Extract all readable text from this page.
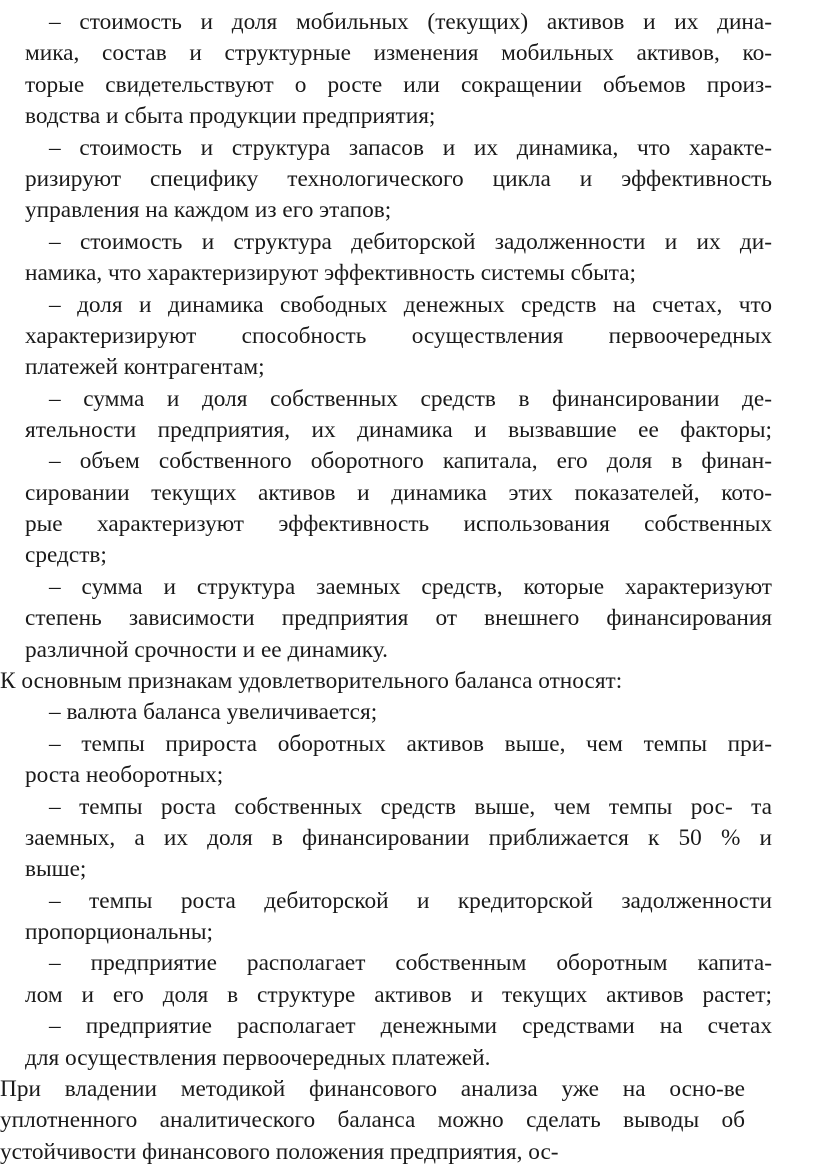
– стоимость и доля мобильных (текущих) активов и их дина-
мика, состав и структурные изменения мобильных активов, ко-
торые свидетельствуют о росте или сокращении объемов произ-
водства и сбыта продукции предприятия;
– стоимость и структура запасов и их динамика, что характе-
ризируют специфику технологического цикла и эффективность
управления на каждом из его этапов;
– стоимость и структура дебиторской задолженности и их ди-
намика, что характеризируют эффективность системы сбыта;
– доля и динамика свободных денежных средств на счетах, что
характеризируют способность осуществления первоочередных
платежей контрагентам;
– сумма и доля собственных средств в финансировании де-
ятельности предприятия, их динамика и вызвавшие ее факторы;
– объем собственного оборотного капитала, его доля в финан-
сировании текущих активов и динамика этих показателей, кото-
рые характеризуют эффективность использования собственных
средств;
– сумма и структура заемных средств, которые характеризуют
степень зависимости предприятия от внешнего финансирования
различной срочности и ее динамику.
К основным признакам удовлетворительного баланса относят:
– валюта баланса увеличивается;
– темпы прироста оборотных активов выше, чем темпы при-
роста необоротных;
– темпы роста собственных средств выше, чем темпы рос- та
заемных, а их доля в финансировании приближается к 50 % и
выше;
– темпы роста дебиторской и кредиторской задолженности
пропорциональны;
– предприятие располагает собственным оборотным капита-
лом и его доля в структуре активов и текущих активов растет;
– предприятие располагает денежными средствами на счетах
для осуществления первоочередных платежей.
При владении методикой финансового анализа уже на осно-ве
уплотненного аналитического баланса можно сделать выводы об
устойчивости финансового положения предприятия, ос-
